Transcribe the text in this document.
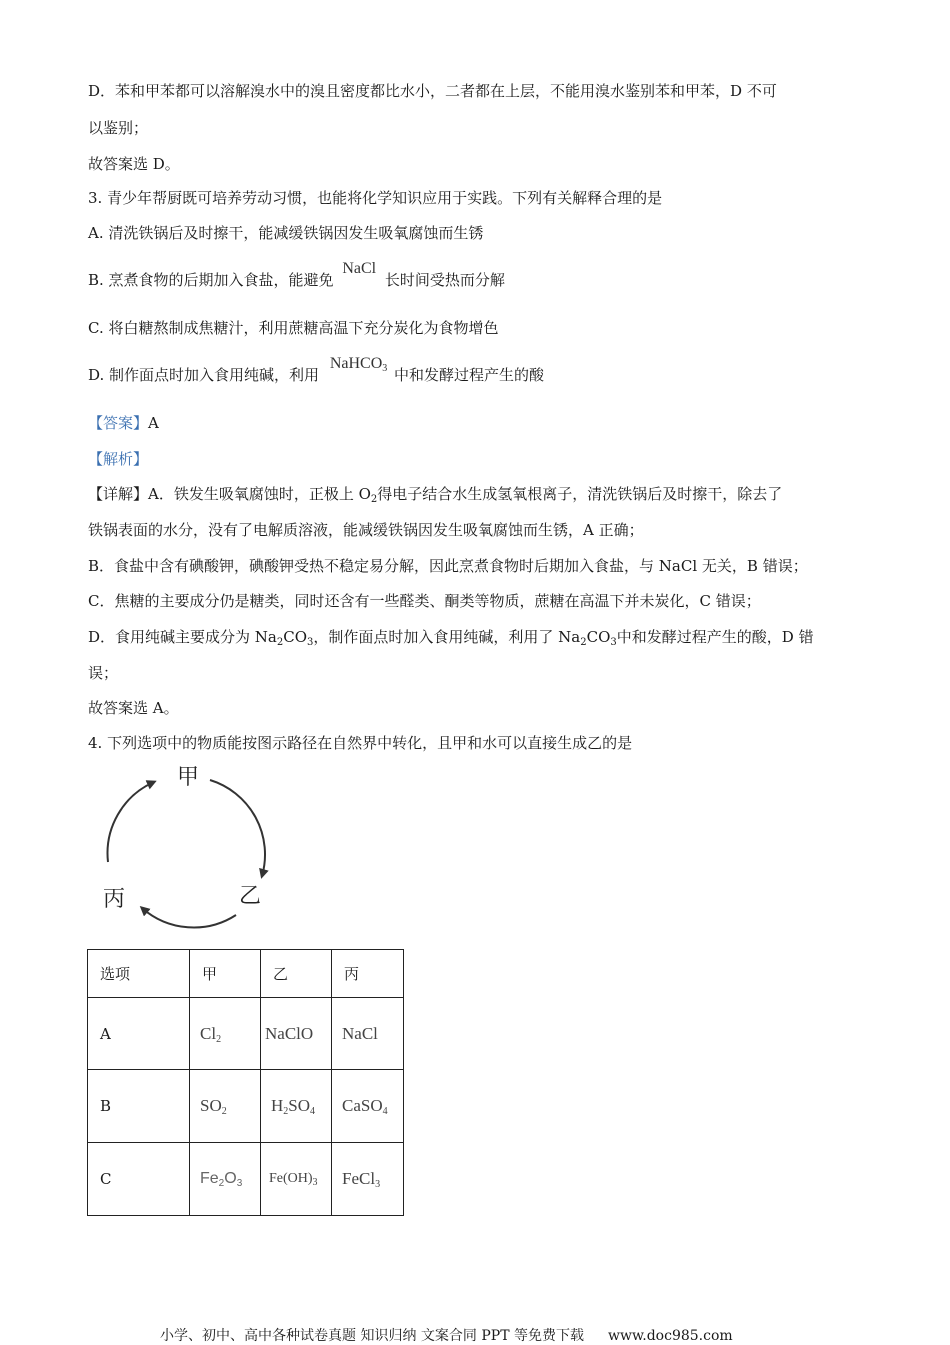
D．苯和甲苯都可以溶解溴水中的溴且密度都比水小，二者都在上层，不能用溴水鉴别苯和甲苯，D 不可
以鉴别；
故答案选 D。
3. 青少年帮厨既可培养劳动习惯，也能将化学知识应用于实践。下列有关解释合理的是
A. 清洗铁锅后及时擦干，能减缓铁锅因发生吸氧腐蚀而生锈
B. 烹煮食物的后期加入食盐，能避免 NaCl 长时间受热而分解
C. 将白糖熬制成焦糖汁，利用蔗糖高温下充分炭化为食物增色
D. 制作面点时加入食用纯碱，利用 NaHCO$_3$ 中和发酵过程产生的酸
【答案】A
【解析】
【详解】A．铁发生吸氧腐蚀时，正极上 $O_2$得电子结合水生成氢氧根离子，清洗铁锅后及时擦干，除去了
铁锅表面的水分，没有了电解质溶液，能减缓铁锅因发生吸氧腐蚀而生锈，A 正确；
B．食盐中含有碘酸钾，碘酸钾受热不稳定易分解，因此烹煮食物时后期加入食盐，与 NaCl 无关，B 错误；
C．焦糖的主要成分仍是糖类，同时还含有一些醛类、酮类等物质，蔗糖在高温下并未炭化，C 错误；
D．食用纯碱主要成分为 $Na_2CO_3$，制作面点时加入食用纯碱，利用了 $Na_2CO_3$中和发酵过程产生的酸，D 错
误；
故答案选 A。
4. 下列选项中的物质能按图示路径在自然界中转化，且甲和水可以直接生成乙的是
甲
乙
丙
选项	甲	乙	丙
A	$Cl_2$	NaClO	NaCl
B	$SO_2$	$H_2SO_4$	CaSO$_4$
C	$Fe_2O_3$	$Fe(OH)_3$	FeCl$_3$
小学、初中、高中各种试卷真题 知识归纳 文案合同 PPT 等免费下载 www.doc985.com
